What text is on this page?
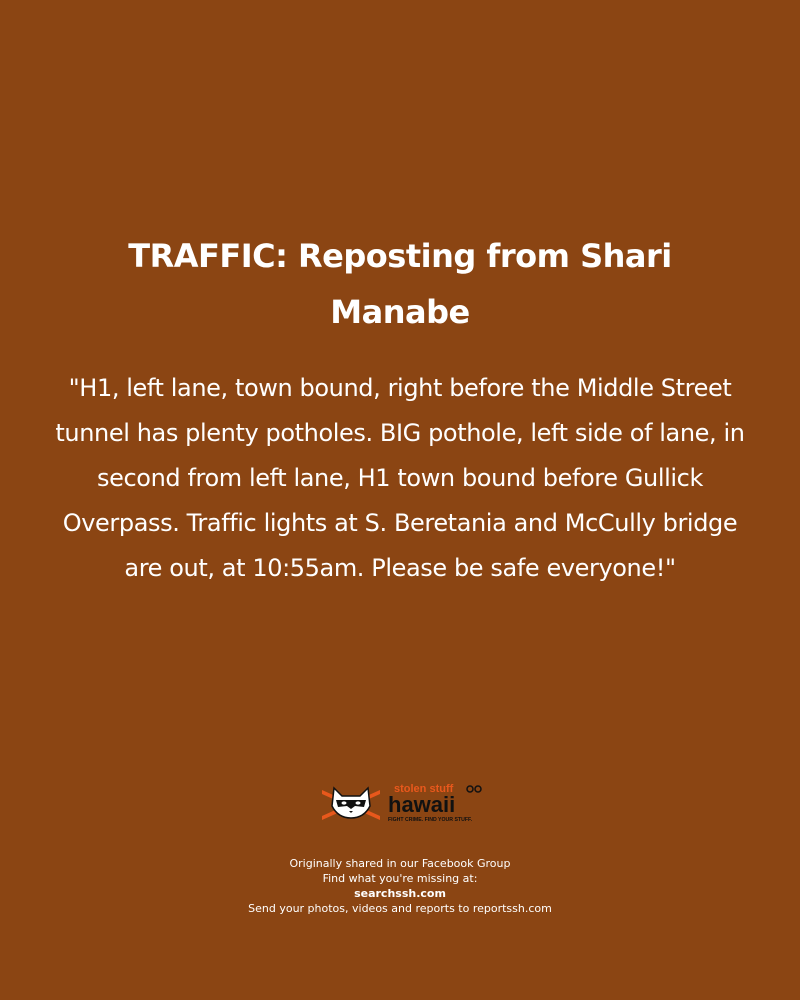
TRAFFIC: Reposting from Shari Manabe

"H1, left lane, town bound, right before the Middle Street tunnel has plenty potholes. BIG pothole, left side of lane, in second from left lane, H1 town bound before Gullick Overpass. Traffic lights at S. Beretania and McCully bridge are out, at 10:55am. Please be safe everyone!"

stolen stuff
hawaii
FIGHT CRIME. FIND YOUR STUFF.
Originally shared in our Facebook Group
Find what you're missing at:
searchssh.com
Send your photos, videos and reports to reportssh.com
